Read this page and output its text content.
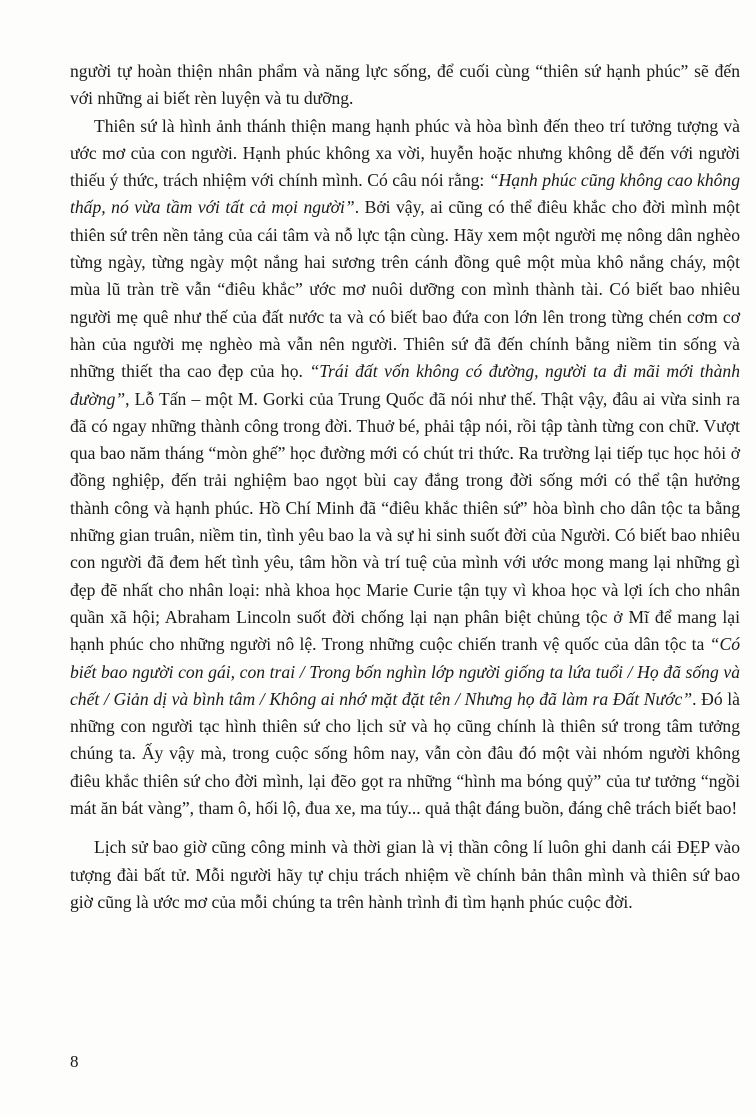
người tự hoàn thiện nhân phẩm và năng lực sống, để cuối cùng “thiên sứ hạnh phúc” sẽ đến với những ai biết rèn luyện và tu dưỡng.

Thiên sứ là hình ảnh thánh thiện mang hạnh phúc và hòa bình đến theo trí tưởng tượng và ước mơ của con người. Hạnh phúc không xa vời, huyễn hoặc nhưng không dễ đến với người thiếu ý thức, trách nhiệm với chính mình. Có câu nói rằng: “Hạnh phúc cũng không cao không thấp, nó vừa tầm với tất cả mọi người”. Bởi vậy, ai cũng có thể điêu khắc cho đời mình một thiên sứ trên nền tảng của cái tâm và nỗ lực tận cùng. Hãy xem một người mẹ nông dân nghèo từng ngày, từng ngày một nắng hai sương trên cánh đồng quê một mùa khô nắng cháy, một mùa lũ tràn trề vẫn “điêu khắc” ước mơ nuôi dưỡng con mình thành tài. Có biết bao nhiêu người mẹ quê như thế của đất nước ta và có biết bao đứa con lớn lên trong từng chén cơm cơ hàn của người mẹ nghèo mà vẫn nên người. Thiên sứ đã đến chính bằng niềm tin sống và những thiết tha cao đẹp của họ. “Trái đất vốn không có đường, người ta đi mãi mới thành đường”, Lỗ Tấn – một M. Gorki của Trung Quốc đã nói như thế. Thật vậy, đâu ai vừa sinh ra đã có ngay những thành công trong đời. Thuở bé, phải tập nói, rồi tập tành từng con chữ. Vượt qua bao năm tháng “mòn ghế” học đường mới có chút tri thức. Ra trường lại tiếp tục học hỏi ở đồng nghiệp, đến trải nghiệm bao ngọt bùi cay đắng trong đời sống mới có thể tận hưởng thành công và hạnh phúc. Hồ Chí Minh đã “điêu khắc thiên sứ” hòa bình cho dân tộc ta bằng những gian truân, niềm tin, tình yêu bao la và sự hi sinh suốt đời của Người. Có biết bao nhiêu con người đã đem hết tình yêu, tâm hồn và trí tuệ của mình với ước mong mang lại những gì đẹp đẽ nhất cho nhân loại: nhà khoa học Marie Curie tận tụy vì khoa học và lợi ích cho nhân quần xã hội; Abraham Lincoln suốt đời chống lại nạn phân biệt chủng tộc ở Mĩ để mang lại hạnh phúc cho những người nô lệ. Trong những cuộc chiến tranh vệ quốc của dân tộc ta “Có biết bao người con gái, con trai / Trong bốn nghìn lớp người giống ta lứa tuổi / Họ đã sống và chết / Giản dị và bình tâm / Không ai nhớ mặt đặt tên / Nhưng họ đã làm ra Đất Nước”. Đó là những con người tạc hình thiên sứ cho lịch sử và họ cũng chính là thiên sứ trong tâm tưởng chúng ta. Ấy vậy mà, trong cuộc sống hôm nay, vẫn còn đâu đó một vài nhóm người không điêu khắc thiên sứ cho đời mình, lại đẽo gọt ra những “hình ma bóng quỷ” của tư tưởng “ngồi mát ăn bát vàng”, tham ô, hối lộ, đua xe, ma túy... quả thật đáng buồn, đáng chê trách biết bao!

Lịch sử bao giờ cũng công minh và thời gian là vị thần công lí luôn ghi danh cái ĐẸP vào tượng đài bất tử. Mỗi người hãy tự chịu trách nhiệm về chính bản thân mình và thiên sứ bao giờ cũng là ước mơ của mỗi chúng ta trên hành trình đi tìm hạnh phúc cuộc đời.

8
